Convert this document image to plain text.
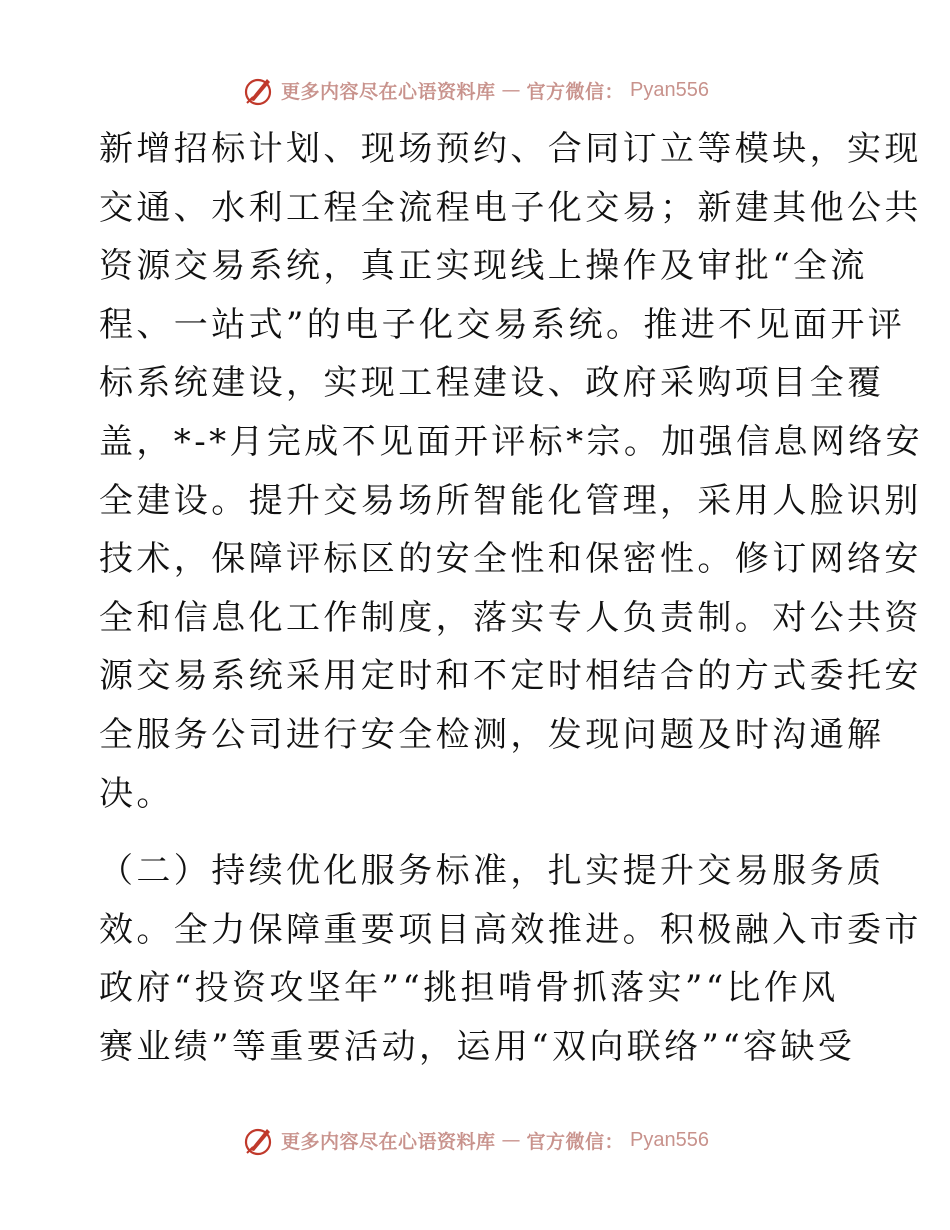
更多内容尽在心语资料库 — 官方微信： Pyan556
新增招标计划、现场预约、合同订立等模块，实现
交通、水利工程全流程电子化交易；新建其他公共
资源交易系统，真正实现线上操作及审批“全流
程、一站式”的电子化交易系统。推进不见面开评
标系统建设，实现工程建设、政府采购项目全覆
盖，*-*月完成不见面开评标*宗。加强信息网络安
全建设。提升交易场所智能化管理，采用人脸识别
技术，保障评标区的安全性和保密性。修订网络安
全和信息化工作制度，落实专人负责制。对公共资
源交易系统采用定时和不定时相结合的方式委托安
全服务公司进行安全检测，发现问题及时沟通解
决。
（二）持续优化服务标准，扎实提升交易服务质
效。全力保障重要项目高效推进。积极融入市委市
政府“投资攻坚年”“挑担啃骨抓落实”“比作风
赛业绩”等重要活动，运用“双向联络”“容缺受
更多内容尽在心语资料库 — 官方微信： Pyan556
